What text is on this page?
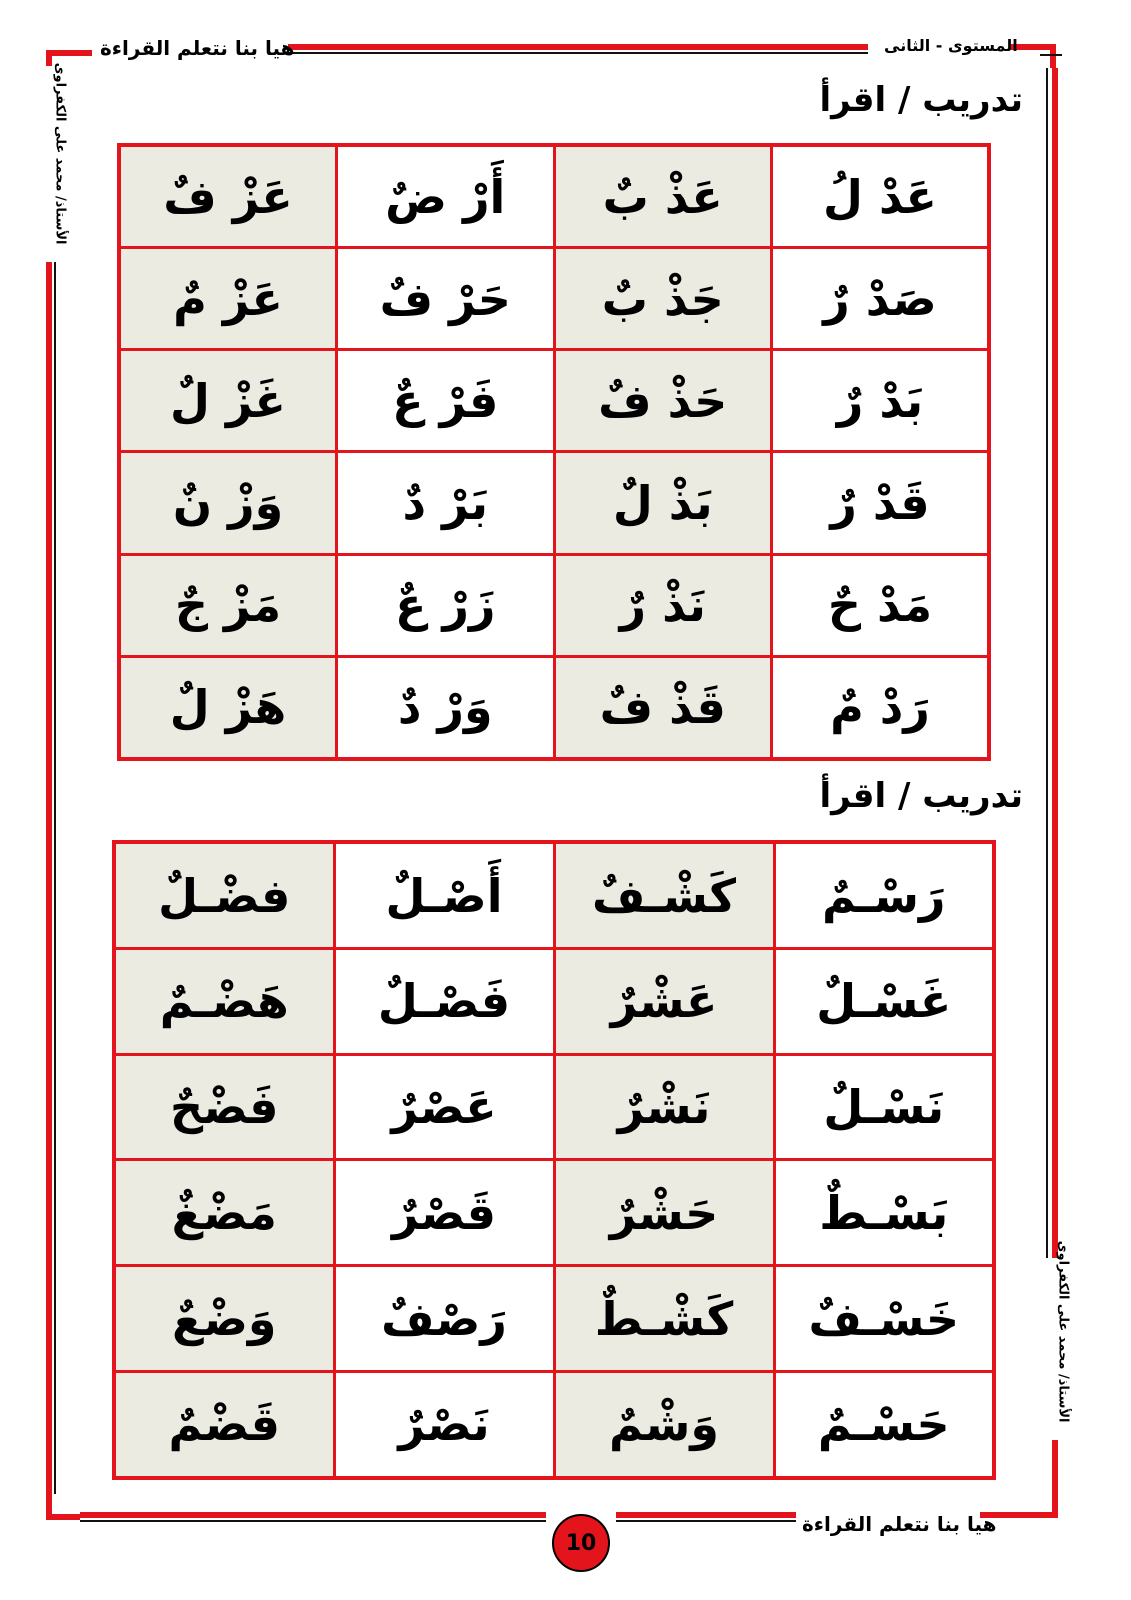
هيا بنا نتعلم القراءة	المستوى - الثانى
الأستاذ/ محمد على الكفراوى
الأستاذ/ محمد على الكفراوى
تدريب / اقرأ
عَدْ لُ	عَذْ بٌ	أَرْ ضٌ	عَزْ فٌ
صَدْ رٌ	جَذْ بٌ	حَرْ فٌ	عَزْ مٌ
بَدْ رٌ	حَذْ فٌ	فَرْ عٌ	غَزْ لٌ
قَدْ رٌ	بَذْ لٌ	بَرْ دٌ	وَزْ نٌ
مَدْ حٌ	نَذْ رٌ	زَرْ عٌ	مَزْ جٌ
رَدْ مٌ	قَذْ فٌ	وَرْ دٌ	هَزْ لٌ
تدريب / اقرأ
رَسْـمٌ	كَشْـفٌ	أَصْـلٌ	فضْـلٌ
غَسْـلٌ	عَشْرٌ	فَصْـلٌ	هَضْـمٌ
نَسْـلٌ	نَشْرٌ	عَصْرٌ	فَضْحٌ
بَسْـطٌ	حَشْرٌ	قَصْرٌ	مَضْغٌ
خَسْـفٌ	كَشْـطٌ	رَصْفٌ	وَضْعٌ
حَسْـمٌ	وَشْمٌ	نَصْرٌ	قَضْمٌ
10
هيا بنا نتعلم القراءة
